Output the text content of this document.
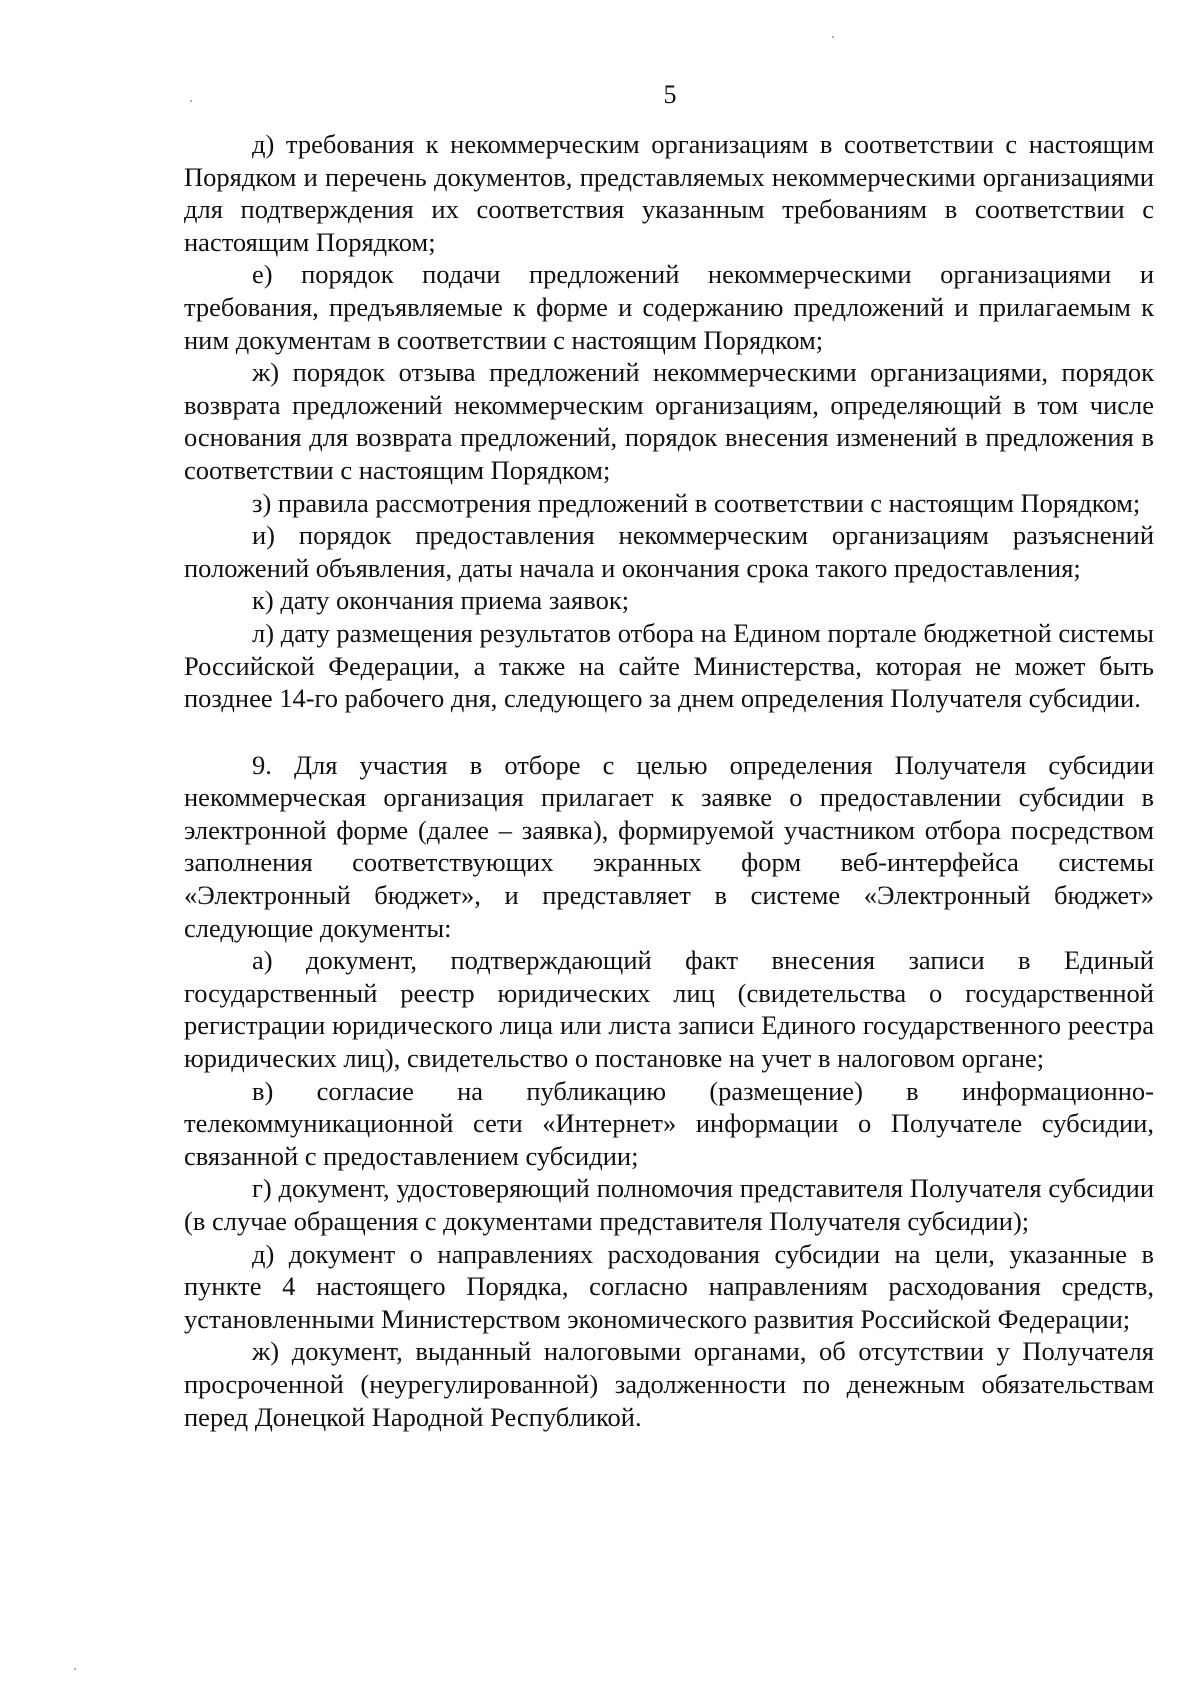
5

д) требования к некоммерческим организациям в соответствии с настоящим Порядком и перечень документов, представляемых некоммерческими организациями для подтверждения их соответствия указанным требованиям в соответствии с настоящим Порядком;

е) порядок подачи предложений некоммерческими организациями и требования, предъявляемые к форме и содержанию предложений и прилагаемым к ним документам в соответствии с настоящим Порядком;

ж) порядок отзыва предложений некоммерческими организациями, порядок возврата предложений некоммерческим организациям, определяющий в том числе основания для возврата предложений, порядок внесения изменений в предложения в соответствии с настоящим Порядком;

з) правила рассмотрения предложений в соответствии с настоящим Порядком;

и) порядок предоставления некоммерческим организациям разъяснений положений объявления, даты начала и окончания срока такого предоставления;

к) дату окончания приема заявок;

л) дату размещения результатов отбора на Едином портале бюджетной системы Российской Федерации, а также на сайте Министерства, которая не может быть позднее 14-го рабочего дня, следующего за днем определения Получателя субсидии.

9. Для участия в отборе с целью определения Получателя субсидии некоммерческая организация прилагает к заявке о предоставлении субсидии в электронной форме (далее – заявка), формируемой участником отбора посредством заполнения соответствующих экранных форм веб-интерфейса системы «Электронный бюджет», и представляет в системе «Электронный бюджет» следующие документы:

а) документ, подтверждающий факт внесения записи в Единый государственный реестр юридических лиц (свидетельства о государственной регистрации юридического лица или листа записи Единого государственного реестра юридических лиц), свидетельство о постановке на учет в налоговом органе;

в) согласие на публикацию (размещение) в информационно-телекоммуникационной сети «Интернет» информации о Получателе субсидии, связанной с предоставлением субсидии;

г) документ, удостоверяющий полномочия представителя Получателя субсидии (в случае обращения с документами представителя Получателя субсидии);

д) документ о направлениях расходования субсидии на цели, указанные в пункте 4 настоящего Порядка, согласно направлениям расходования средств, установленными Министерством экономического развития Российской Федерации;

ж) документ, выданный налоговыми органами, об отсутствии у Получателя просроченной (неурегулированной) задолженности по денежным обязательствам перед Донецкой Народной Республикой.
